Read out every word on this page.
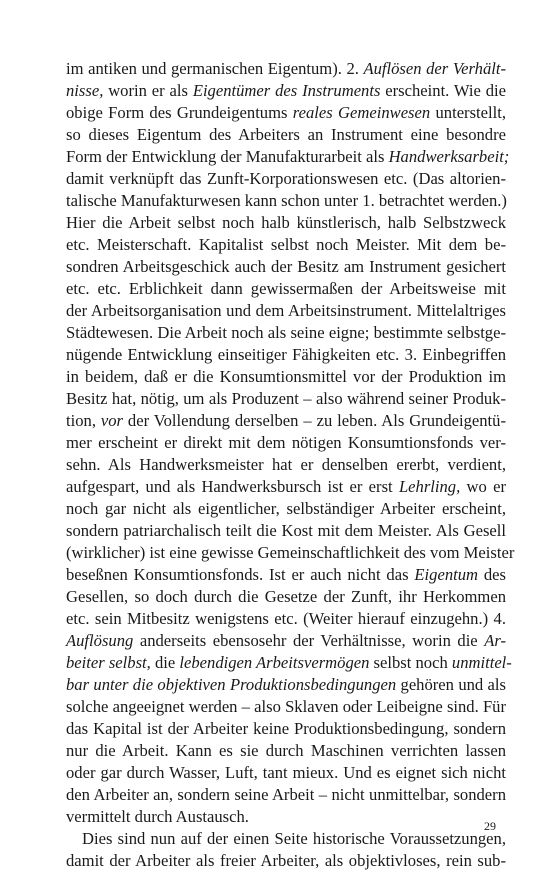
im antiken und germanischen Eigentum). 2. Auflösen der Verhält-
nisse, worin er als Eigentümer des Instruments erscheint. Wie die
obige Form des Grundeigentums reales Gemeinwesen unterstellt,
so dieses Eigentum des Arbeiters an Instrument eine besondre
Form der Entwicklung der Manufakturarbeit als Handwerksarbeit;
damit verknüpft das Zunft-Korporationswesen etc. (Das altorien-
talische Manufakturwesen kann schon unter 1. betrachtet werden.)
Hier die Arbeit selbst noch halb künstlerisch, halb Selbstzweck
etc. Meisterschaft. Kapitalist selbst noch Meister. Mit dem be-
sondren Arbeitsgeschick auch der Besitz am Instrument gesichert
etc. etc. Erblichkeit dann gewissermaßen der Arbeitsweise mit
der Arbeitsorganisation und dem Arbeitsinstrument. Mittelaltriges
Städtewesen. Die Arbeit noch als seine eigne; bestimmte selbstge-
nügende Entwicklung einseitiger Fähigkeiten etc. 3. Einbegriffen
in beidem, daß er die Konsumtionsmittel vor der Produktion im
Besitz hat, nötig, um als Produzent – also während seiner Produk-
tion, vor der Vollendung derselben – zu leben. Als Grundeigentü-
mer erscheint er direkt mit dem nötigen Konsumtionsfonds ver-
sehn. Als Handwerksmeister hat er denselben ererbt, verdient,
aufgespart, und als Handwerksbursch ist er erst Lehrling, wo er
noch gar nicht als eigentlicher, selbständiger Arbeiter erscheint,
sondern patriarchalisch teilt die Kost mit dem Meister. Als Gesell
(wirklicher) ist eine gewisse Gemeinschaftlichkeit des vom Meister
beseßnen Konsumtionsfonds. Ist er auch nicht das Eigentum des
Gesellen, so doch durch die Gesetze der Zunft, ihr Herkommen
etc. sein Mitbesitz wenigstens etc. (Weiter hierauf einzugehn.) 4.
Auflösung anderseits ebensosehr der Verhältnisse, worin die Ar-
beiter selbst, die lebendigen Arbeitsvermögen selbst noch unmittel-
bar unter die objektiven Produktionsbedingungen gehören und als
solche angeeignet werden – also Sklaven oder Leibeigne sind. Für
das Kapital ist der Arbeiter keine Produktionsbedingung, sondern
nur die Arbeit. Kann es sie durch Maschinen verrichten lassen
oder gar durch Wasser, Luft, tant mieux. Und es eignet sich nicht
den Arbeiter an, sondern seine Arbeit – nicht unmittelbar, sondern
vermittelt durch Austausch.
Dies sind nun auf der einen Seite historische Voraussetzungen,
damit der Arbeiter als freier Arbeiter, als objektivloses, rein sub-
29
